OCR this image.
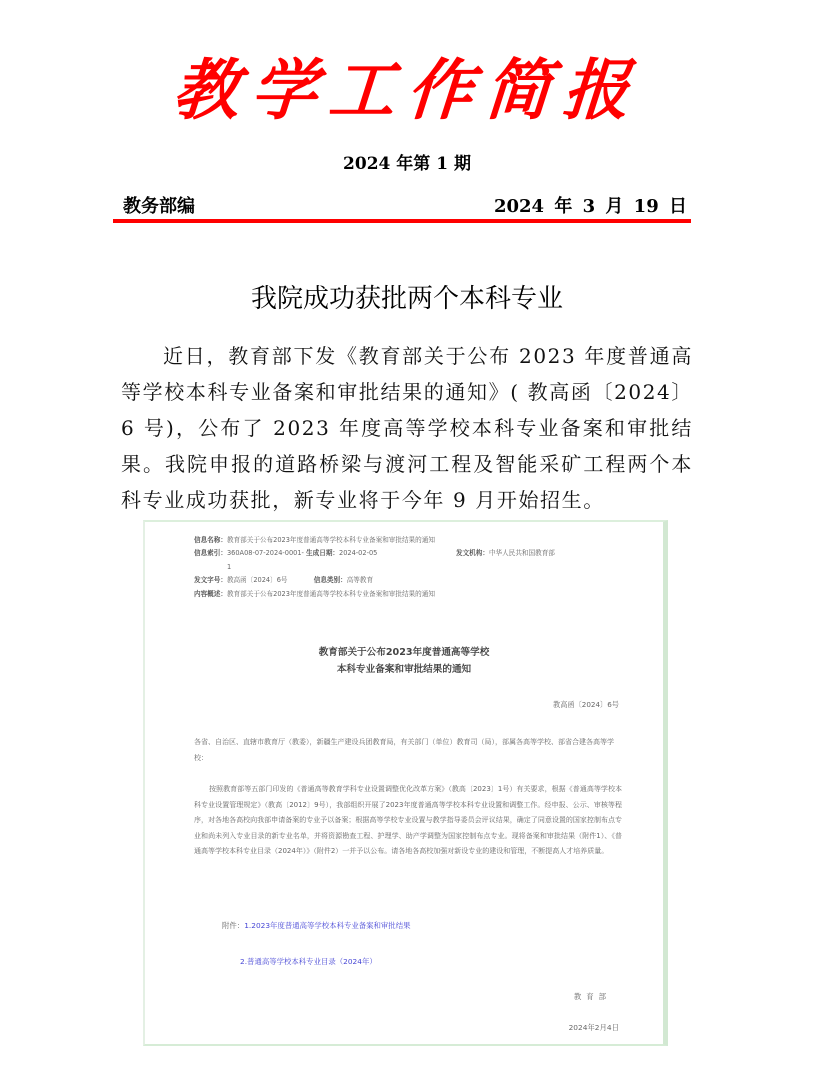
教学工作简报
2024 年第 1 期
教务部编	2024 年 3 月 19 日
我院成功获批两个本科专业

近日，教育部下发《教育部关于公布 2023 年度普通高等学校本科专业备案和审批结果的通知》( 教高函〔2024〕6 号)，公布了 2023 年度高等学校本科专业备案和审批结果。我院申报的道路桥梁与渡河工程及智能采矿工程两个本科专业成功获批，新专业将于今年 9 月开始招生。

信息名称：教育部关于公布2023年度普通高等学校本科专业备案和审批结果的通知
信息索引：360A08-07-2024-0001- 生成日期：2024-02-05	发文机构：中华人民共和国教育部
1
发文字号：教高函〔2024〕6号	信息类别：高等教育
内容概述：教育部关于公布2023年度普通高等学校本科专业备案和审批结果的通知
教育部关于公布2023年度普通高等学校
本科专业备案和审批结果的通知
教高函〔2024〕6号
各省、自治区、直辖市教育厅（教委），新疆生产建设兵团教育局，有关部门（单位）教育司（局），部属各高等学校、部省合建各高等学校：
按照教育部等五部门印发的《普通高等教育学科专业设置调整优化改革方案》（教高〔2023〕1号）有关要求，根据《普通高等学校本科专业设置管理规定》（教高〔2012〕9号），我部组织开展了2023年度普通高等学校本科专业设置和调整工作。经申报、公示、审核等程序，对各地各高校向我部申请备案的专业予以备案；根据高等学校专业设置与教学指导委员会评议结果，确定了同意设置的国家控制布点专业和尚未列入专业目录的新专业名单，并将资源勘查工程、护理学、助产学调整为国家控制布点专业。现将备案和审批结果（附件1）、《普通高等学校本科专业目录（2024年）》（附件2）一并予以公布。请各地各高校加强对新设专业的建设和管理，不断提高人才培养质量。
附件：1.2023年度普通高等学校本科专业备案和审批结果
2.普通高等学校本科专业目录（2024年）
教育部
2024年2月4日
